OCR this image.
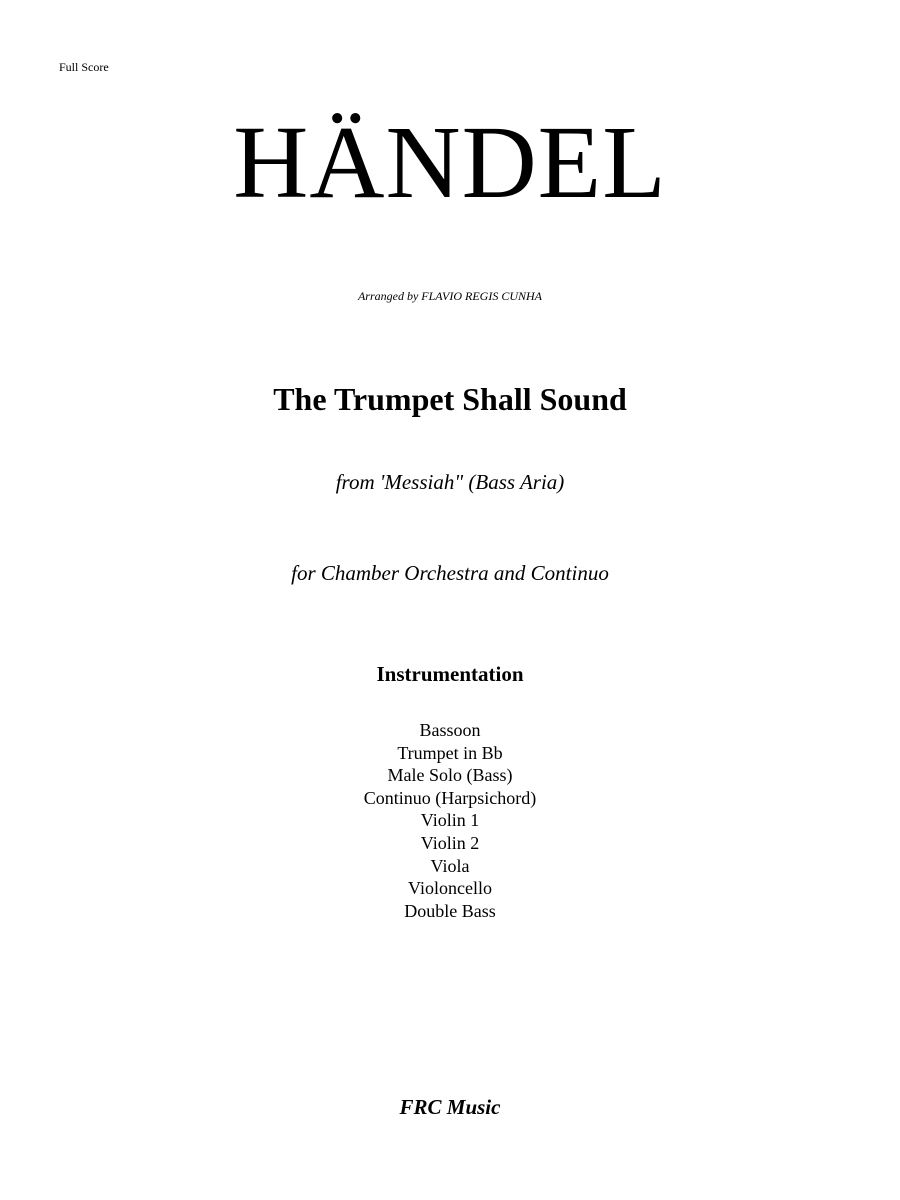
Full Score
HÄNDEL
Arranged by FLAVIO REGIS CUNHA
The Trumpet Shall Sound
from 'Messiah" (Bass Aria)
for Chamber Orchestra and Continuo
Instrumentation
Bassoon
Trumpet in Bb
Male Solo (Bass)
Continuo (Harpsichord)
Violin 1
Violin 2
Viola
Violoncello
Double Bass
FRC Music
